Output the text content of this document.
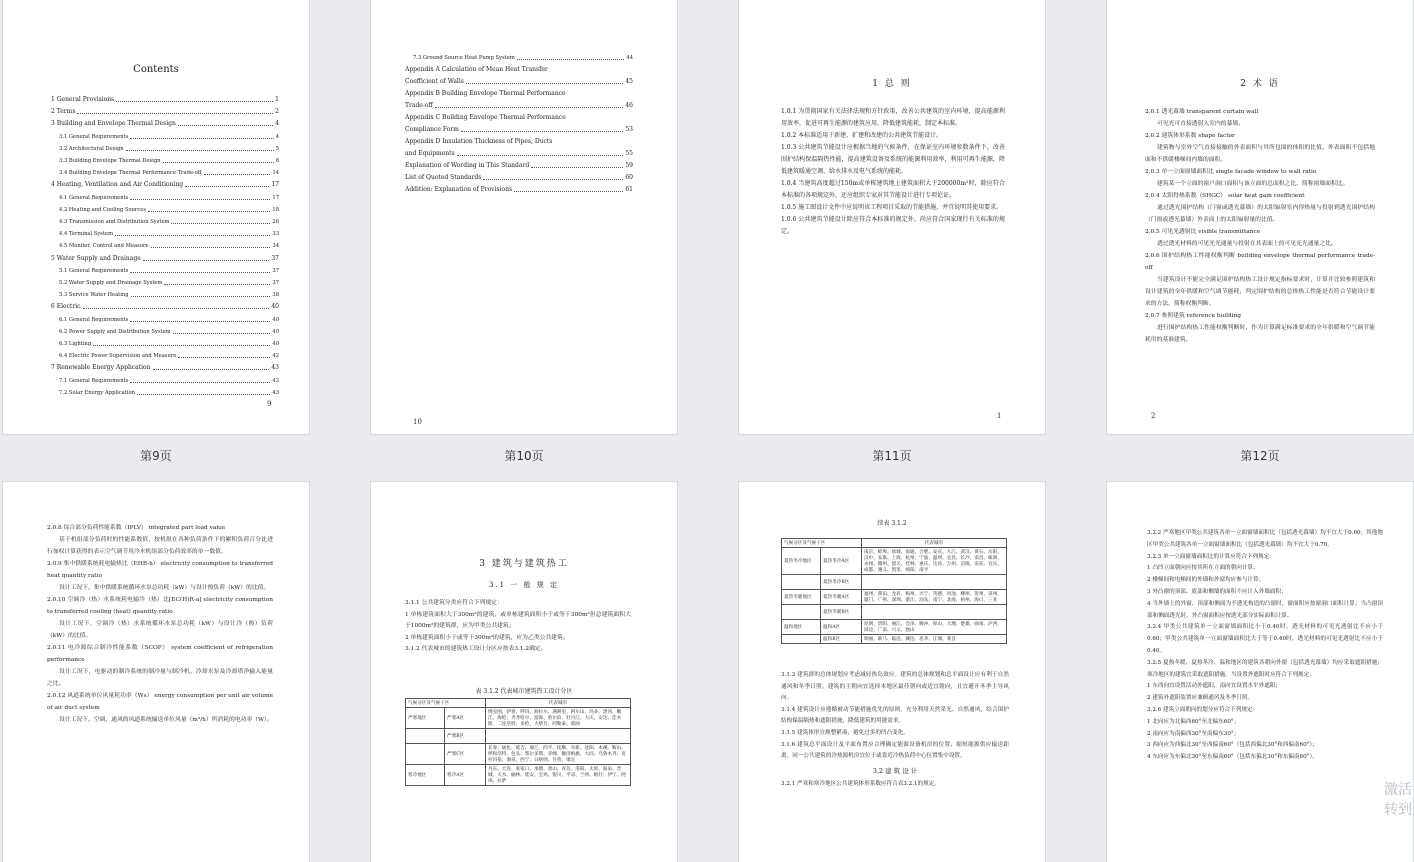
Contents
1 General Provisions	1
2 Terms	2
3 Building and Envelope Thermal Design	4
3.1 General Requirements	4
3.2 Architectural Design	5
3.3 Building Envelope Thermal Design	8
3.4 Building Envelope Thermal Performance Trade-off	14
4 Heating, Ventilation and Air Conditioning	17
4.1 General Requirements	17
4.2 Heating and Cooling Sources	18
4.3 Transmission and Distribution System	26
4.4 Terminal System	33
4.5 Monitor, Control and Measure	34
5 Water Supply and Drainage	37
5.1 General Requirements	37
5.2 Water Supply and Drainage System	37
5.3 Service Water Heating	38
6 Electric	40
6.1 General Requirements	40
6.2 Power Supply and Distribution System	40
6.3 Lighting	40
6.4 Electric Power Supervision and Measure	42
7 Renewable Energy Application	43
7.1 General Requirements	43
7.2 Solar Energy Application	43
9
第9页
7.3 Ground Source Heat Pump System	44
Appendix A Calculation of Mean Heat Transfer
Coefficient of Walls	45
Appendix B Building Envelope Thermal Performance
Trade-off	46
Appendix C Building Envelope Thermal Performance
Compliance Form	53
Appendix D Insulation Thickness of Pipes, Ducts
and Equipments	55
Explanation of Wording in This Standard	59
List of Quoted Standards	60
Addition: Explanation of Provisions	61
10
第10页
1 总 则

1.0.1 为贯彻国家有关法律法规和方针政策，改善公共建筑的室内环境，提高能源利用效率，促进可再生能源的建筑应用，降低建筑能耗，制定本标准。

1.0.2 本标准适用于新建、扩建和改建的公共建筑节能设计。

1.0.3 公共建筑节能设计应根据当地的气候条件，在保证室内环境参数条件下，改善围护结构保温隔热性能，提高建筑设备及系统的能源利用效率，利用可再生能源，降低建筑暖通空调、给水排水及电气系统的能耗。

1.0.4 当建筑高度超过150m或单栋建筑地上建筑面积大于200000m²时，除应符合本标准的各项规定外，还应组织专家对其节能设计进行专项论证。

1.0.5 施工图设计文件中应说明该工程项目采取的节能措施，并宜说明其使用要求。

1.0.6 公共建筑节能设计除应符合本标准的规定外，尚应符合国家现行有关标准的规定。

1
第11页
2 术 语

2.0.1 透光幕墙 transparent curtain wall

可见光可直接透射入室内的幕墙。

2.0.2 建筑体形系数 shape factor

建筑物与室外空气直接接触的外表面积与其所包围的体积的比值，外表面积不包括地面和不供暖楼梯间内墙的面积。

2.0.3 单一立面窗墙面积比 single facade window to wall ratio

建筑某一个立面的窗户洞口面积与该立面的总面积之比，简称窗墙面积比。

2.0.4 太阳得热系数（SHGC） solar heat gain coefficient

通过透光围护结构（门窗或透光幕墙）的太阳辐射室内得热量与投射到透光围护结构（门窗或透光幕墙）外表面上的太阳辐射量的比值。

2.0.5 可见光透射比 visible transmittance

透过透光材料的可见光光通量与投射在其表面上的可见光光通量之比。

2.0.6 围护结构热工性能权衡判断 building envelope thermal performance trade-off

当建筑设计不能完全满足围护结构热工设计规定指标要求时，计算并比较参照建筑和设计建筑的全年供暖和空气调节能耗，判定围护结构的总体热工性能是否符合节能设计要求的方法，简称权衡判断。

2.0.7 参照建筑 reference building

进行围护结构热工性能权衡判断时，作为计算满足标准要求的全年供暖和空气调节能耗用的基准建筑。

2
第12页

2.0.8 综合部分负荷性能系数（IPLV） integrated part load value

基于机组部分负荷时的性能系数值，按机组在各种负荷条件下的累积负荷百分比进行加权计算获得的表示空气调节用冷水机组部分负荷效率的单一数值。

2.0.9 集中供暖系统耗电输热比（EHR-h） electricity consumption to transferred heat quantity ratio

设计工况下，集中供暖系统循环水泵总功耗（kW）与设计热负荷（kW）的比值。

2.0.10 空调冷（热）水系统耗电输冷（热）比[EC(H)R-a] electricity consumption to transferred cooling (heat) quantity ratio

设计工况下，空调冷（热）水系统循环水泵总功耗（kW）与设计冷（热）负荷（kW）的比值。

2.0.11 电冷源综合制冷性能系数（SCOP） system coefficient of refrigeration performance

设计工况下，电驱动的制冷系统的制冷量与制冷机、冷却水泵及冷却塔净输入能量之比。

2.0.12 风道系统单位风量耗功率（Ws） energy consumption per unit air volume of air duct system

设计工况下，空调、通风的风道系统输送单位风量（m³/h）所消耗的电功率（W）。

3 建筑与建筑热工
3.1 一 般 规 定

3.1.1 公共建筑分类应符合下列规定：

1 单栋建筑面积大于300m²的建筑，或单栋建筑面积小于或等于300m²但总建筑面积大于1000m²的建筑群，应为甲类公共建筑；

2 单栋建筑面积小于或等于300m²的建筑，应为乙类公共建筑。

3.1.2 代表城市的建筑热工设计分区应按表3.1.2确定。

表 3.1.2 代表城市建筑热工设计分区
气候分区及气候子区		代表城市
严寒地区	严寒A区	博克图、伊春、呼玛、海拉尔、满洲里、阿尔山、玛多、黑河、嫩江、海伦、齐齐哈尔、富锦、哈尔滨、牡丹江、大庆、安达、佳木斯、二连浩特、多伦、大柴旦、阿勒泰、那曲
	严寒B区	
	严寒C区	长春、通化、延吉、通辽、四平、抚顺、阜新、沈阳、本溪、鞍山、呼和浩特、包头、鄂尔多斯、赤峰、额济纳旗、大同、乌鲁木齐、克拉玛依、酒泉、西宁、日喀则、甘孜、康定
寒冷地区	寒冷A区	丹东、大连、张家口、承德、唐山、青岛、洛阳、太原、阳泉、晋城、天水、榆林、延安、宝鸡、银川、平凉、兰州、喀什、伊宁、阿坝、拉萨
续表 3.1.2
气候分区及气候子区		代表城市
夏热冬冷地区	夏热冬冷A区	南京、蚌埠、盐城、南通、合肥、安庆、九江、武汉、黄石、岳阳、汉中、安康、上海、杭州、宁波、温州、宜昌、长沙、南昌、株洲、永州、赣州、韶关、桂林、重庆、达县、万州、涪陵、南充、宜宾、成都、遵义、凯里、绵阳、南平
	夏热冬冷B区	
夏热冬暖地区	夏热冬暖A区	福州、莆田、龙岩、梅州、兴宁、英德、河池、柳州、贺州、泉州、厦门、广州、深圳、湛江、汕头、南宁、北海、梧州、海口、三亚
	夏热冬暖B区	
温和地区	温和A区	昆明、贵阳、丽江、会泽、腾冲、保山、大理、楚雄、曲靖、泸西、屏边、广南、兴义、独山
	温和B区	瑞丽、耿马、临沧、澜沧、思茅、江城、蒙自

3.1.3 建筑群的总体规划应考虑减轻热岛效应。建筑的总体规划和总平面设计应有利于自然通风和冬季日照。建筑的主朝向宜选择本地区最佳朝向或适宜朝向，且宜避开冬季主导风向。

3.1.4 建筑设计应遵循被动节能措施优先的原则，充分利用天然采光、自然通风，结合围护结构保温隔热和遮阳措施，降低建筑的用能需求。

3.1.5 建筑体形宜规整紧凑，避免过多的凹凸变化。

3.1.6 建筑总平面设计及平面布置应合理确定能源设备机房的位置，缩短能源供应输送距离。同一公共建筑的冷热源机房宜位于或靠近冷热负荷中心位置集中设置。

3.2 建 筑 设 计

3.2.1 严寒和寒冷地区公共建筑体形系数应符合表3.2.1的规定。

3.2.2 严寒地区甲类公共建筑各单一立面窗墙面积比（包括透光幕墙）均不宜大于0.60；其他地区甲类公共建筑各单一立面窗墙面积比（包括透光幕墙）均不宜大于0.70。

3.2.3 单一立面窗墙面积比的计算应符合下列规定：

1 凸凹立面朝向应按其所在立面的朝向计算；

2 楼梯间和电梯间的外墙和外窗均应参与计算；

3 外凸窗的顶部、底部和侧墙的面积不应计入外墙面积；

4 当外墙上的外窗、顶部和侧面为不透光构造的凸窗时，窗面积应按窗洞口面积计算；当凸窗顶部和侧面透光时，外凸窗面积应按透光部分实际面积计算。

3.2.4 甲类公共建筑单一立面窗墙面积比小于0.40时，透光材料的可见光透射比不应小于0.60；甲类公共建筑单一立面窗墙面积比大于等于0.40时，透光材料的可见光透射比不应小于0.40。

3.2.5 夏热冬暖、夏热冬冷、温和地区的建筑各朝向外窗（包括透光幕墙）均应采取遮阳措施；寒冷地区的建筑宜采取遮阳措施。当设置外遮阳时应符合下列规定：

1 东西向宜设置活动外遮阳，南向宜设置水平外遮阳；

2 建筑外遮阳装置应兼顾通风及冬季日照。

3.2.6 建筑立面朝向的划分应符合下列规定：

1 北向应为北偏西60°至北偏东60°；

2 南向应为南偏西30°至南偏东30°；

3 西向应为西偏北30°至西偏南60°（包括西偏北30°和西偏南60°）；

4 东向应为东偏北30°至东偏南60°（包括东偏北30°和东偏南60°）。

激活 转到
